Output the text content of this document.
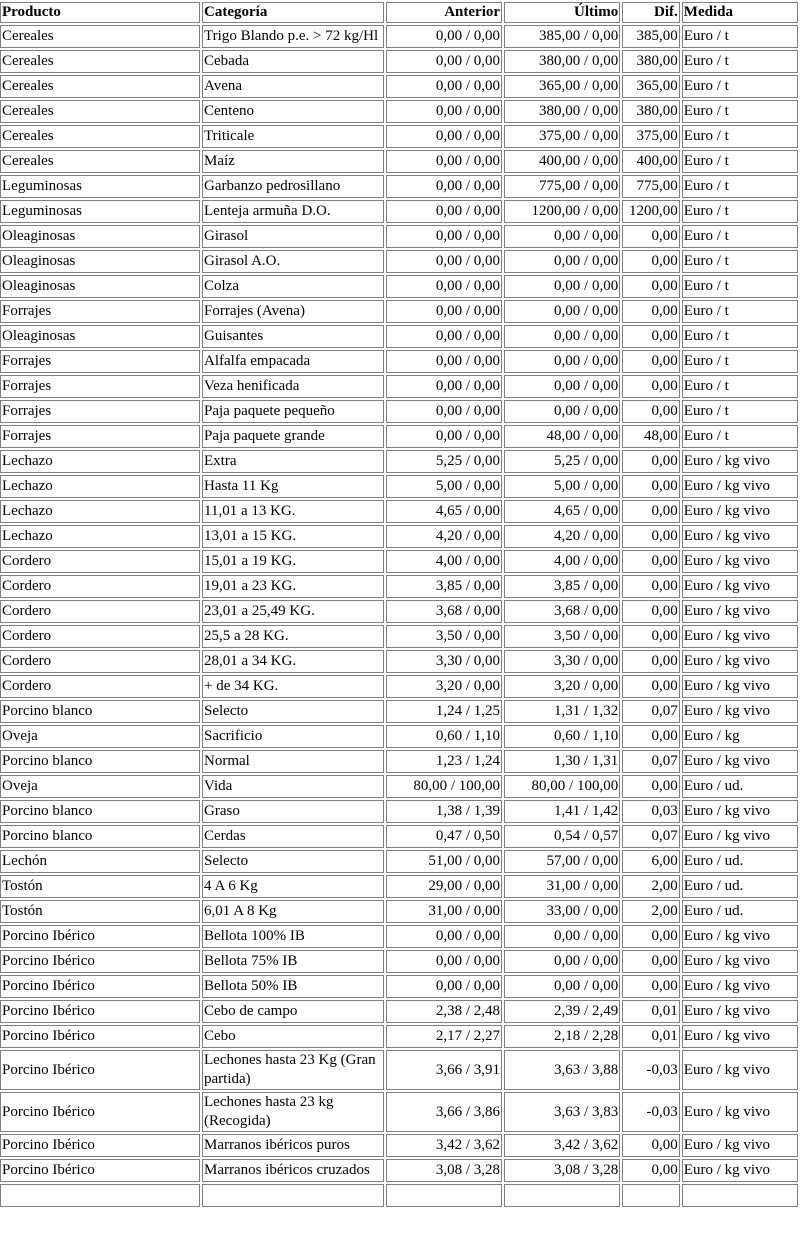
Producto	Categoría	Anterior	Último	Dif.	Medida
Cereales	Trigo Blando p.e. > 72 kg/Hl	0,00 / 0,00	385,00 / 0,00	385,00	Euro / t
Cereales	Cebada	0,00 / 0,00	380,00 / 0,00	380,00	Euro / t
Cereales	Avena	0,00 / 0,00	365,00 / 0,00	365,00	Euro / t
Cereales	Centeno	0,00 / 0,00	380,00 / 0,00	380,00	Euro / t
Cereales	Triticale	0,00 / 0,00	375,00 / 0,00	375,00	Euro / t
Cereales	Maíz	0,00 / 0,00	400,00 / 0,00	400,00	Euro / t
Leguminosas	Garbanzo pedrosillano	0,00 / 0,00	775,00 / 0,00	775,00	Euro / t
Leguminosas	Lenteja armuña D.O.	0,00 / 0,00	1200,00 / 0,00	1200,00	Euro / t
Oleaginosas	Girasol	0,00 / 0,00	0,00 / 0,00	0,00	Euro / t
Oleaginosas	Girasol A.O.	0,00 / 0,00	0,00 / 0,00	0,00	Euro / t
Oleaginosas	Colza	0,00 / 0,00	0,00 / 0,00	0,00	Euro / t
Forrajes	Forrajes (Avena)	0,00 / 0,00	0,00 / 0,00	0,00	Euro / t
Oleaginosas	Guisantes	0,00 / 0,00	0,00 / 0,00	0,00	Euro / t
Forrajes	Alfalfa empacada	0,00 / 0,00	0,00 / 0,00	0,00	Euro / t
Forrajes	Veza henificada	0,00 / 0,00	0,00 / 0,00	0,00	Euro / t
Forrajes	Paja paquete pequeño	0,00 / 0,00	0,00 / 0,00	0,00	Euro / t
Forrajes	Paja paquete grande	0,00 / 0,00	48,00 / 0,00	48,00	Euro / t
Lechazo	Extra	5,25 / 0,00	5,25 / 0,00	0,00	Euro / kg vivo
Lechazo	Hasta 11 Kg	5,00 / 0,00	5,00 / 0,00	0,00	Euro / kg vivo
Lechazo	11,01 a 13 KG.	4,65 / 0,00	4,65 / 0,00	0,00	Euro / kg vivo
Lechazo	13,01 a 15 KG.	4,20 / 0,00	4,20 / 0,00	0,00	Euro / kg vivo
Cordero	15,01 a 19 KG.	4,00 / 0,00	4,00 / 0,00	0,00	Euro / kg vivo
Cordero	19,01 a 23 KG.	3,85 / 0,00	3,85 / 0,00	0,00	Euro / kg vivo
Cordero	23,01 a 25,49 KG.	3,68 / 0,00	3,68 / 0,00	0,00	Euro / kg vivo
Cordero	25,5 a 28 KG.	3,50 / 0,00	3,50 / 0,00	0,00	Euro / kg vivo
Cordero	28,01 a 34 KG.	3,30 / 0,00	3,30 / 0,00	0,00	Euro / kg vivo
Cordero	+ de 34 KG.	3,20 / 0,00	3,20 / 0,00	0,00	Euro / kg vivo
Porcino blanco	Selecto	1,24 / 1,25	1,31 / 1,32	0,07	Euro / kg vivo
Oveja	Sacrificio	0,60 / 1,10	0,60 / 1,10	0,00	Euro / kg
Porcino blanco	Normal	1,23 / 1,24	1,30 / 1,31	0,07	Euro / kg vivo
Oveja	Vida	80,00 / 100,00	80,00 / 100,00	0,00	Euro / ud.
Porcino blanco	Graso	1,38 / 1,39	1,41 / 1,42	0,03	Euro / kg vivo
Porcino blanco	Cerdas	0,47 / 0,50	0,54 / 0,57	0,07	Euro / kg vivo
Lechón	Selecto	51,00 / 0,00	57,00 / 0,00	6,00	Euro / ud.
Tostón	4 A 6 Kg	29,00 / 0,00	31,00 / 0,00	2,00	Euro / ud.
Tostón	6,01 A 8 Kg	31,00 / 0,00	33,00 / 0,00	2,00	Euro / ud.
Porcino Ibérico	Bellota 100% IB	0,00 / 0,00	0,00 / 0,00	0,00	Euro / kg vivo
Porcino Ibérico	Bellota 75% IB	0,00 / 0,00	0,00 / 0,00	0,00	Euro / kg vivo
Porcino Ibérico	Bellota 50% IB	0,00 / 0,00	0,00 / 0,00	0,00	Euro / kg vivo
Porcino Ibérico	Cebo de campo	2,38 / 2,48	2,39 / 2,49	0,01	Euro / kg vivo
Porcino Ibérico	Cebo	2,17 / 2,27	2,18 / 2,28	0,01	Euro / kg vivo
Porcino Ibérico	Lechones hasta 23 Kg (Gran partida)	3,66 / 3,91	3,63 / 3,88	-0,03	Euro / kg vivo
Porcino Ibérico	Lechones hasta 23 kg (Recogida)	3,66 / 3,86	3,63 / 3,83	-0,03	Euro / kg vivo
Porcino Ibérico	Marranos ibéricos puros	3,42 / 3,62	3,42 / 3,62	0,00	Euro / kg vivo
Porcino Ibérico	Marranos ibéricos cruzados	3,08 / 3,28	3,08 / 3,28	0,00	Euro / kg vivo
